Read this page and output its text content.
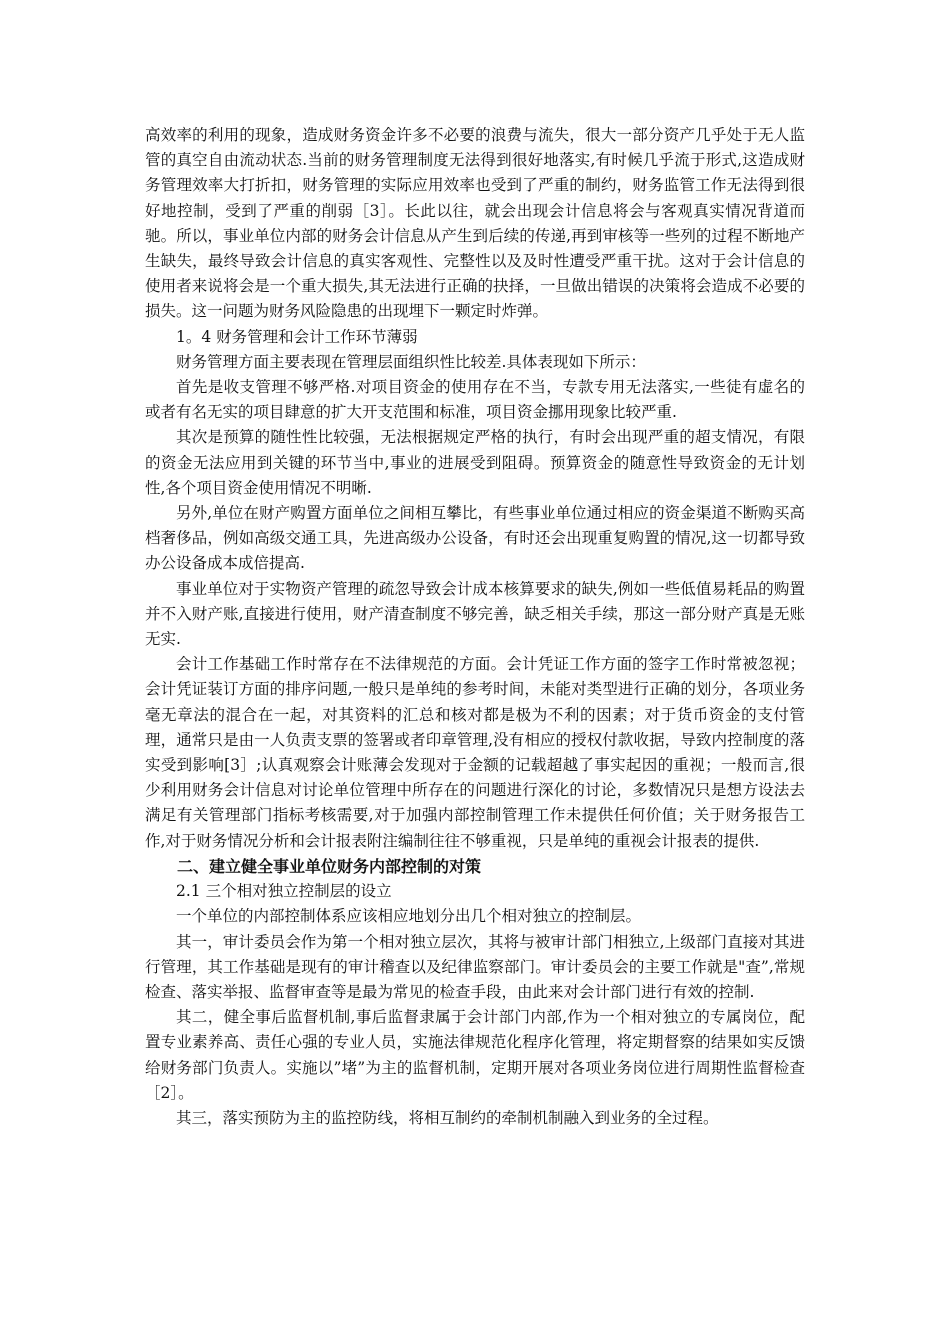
高效率的利用的现象，造成财务资金许多不必要的浪费与流失，很大一部分资产几乎处于无人监管的真空自由流动状态.当前的财务管理制度无法得到很好地落实,有时候几乎流于形式,这造成财务管理效率大打折扣，财务管理的实际应用效率也受到了严重的制约，财务监管工作无法得到很好地控制，受到了严重的削弱［3］。长此以往，就会出现会计信息将会与客观真实情况背道而驰。所以，事业单位内部的财务会计信息从产生到后续的传递,再到审核等一些列的过程不断地产生缺失，最终导致会计信息的真实客观性、完整性以及及时性遭受严重干扰。这对于会计信息的使用者来说将会是一个重大损失,其无法进行正确的抉择，一旦做出错误的决策将会造成不必要的损失。这一问题为财务风险隐患的出现埋下一颗定时炸弹。

1。4 财务管理和会计工作环节薄弱

财务管理方面主要表现在管理层面组织性比较差.具体表现如下所示：

首先是收支管理不够严格.对项目资金的使用存在不当，专款专用无法落实,一些徒有虚名的或者有名无实的项目肆意的扩大开支范围和标准，项目资金挪用现象比较严重.

其次是预算的随性性比较强，无法根据规定严格的执行，有时会出现严重的超支情况，有限的资金无法应用到关键的环节当中,事业的进展受到阻碍。预算资金的随意性导致资金的无计划性,各个项目资金使用情况不明晰.

另外,单位在财产购置方面单位之间相互攀比，有些事业单位通过相应的资金渠道不断购买高档奢侈品，例如高级交通工具，先进高级办公设备，有时还会出现重复购置的情况,这一切都导致办公设备成本成倍提高.

事业单位对于实物资产管理的疏忽导致会计成本核算要求的缺失,例如一些低值易耗品的购置并不入财产账,直接进行使用，财产清查制度不够完善，缺乏相关手续，那这一部分财产真是无账无实.

会计工作基础工作时常存在不法律规范的方面。会计凭证工作方面的签字工作时常被忽视；会计凭证装订方面的排序问题,一般只是单纯的参考时间，未能对类型进行正确的划分，各项业务毫无章法的混合在一起，对其资料的汇总和核对都是极为不利的因素；对于货币资金的支付管理，通常只是由一人负责支票的签署或者印章管理,没有相应的授权付款收据，导致内控制度的落实受到影响[3］;认真观察会计账薄会发现对于金额的记载超越了事实起因的重视；一般而言,很少利用财务会计信息对讨论单位管理中所存在的问题进行深化的讨论，多数情况只是想方设法去满足有关管理部门指标考核需要,对于加强内部控制管理工作未提供任何价值；关于财务报告工作,对于财务情况分析和会计报表附注编制往往不够重视，只是单纯的重视会计报表的提供.

二、建立健全事业单位财务内部控制的对策

2.1 三个相对独立控制层的设立

一个单位的内部控制体系应该相应地划分出几个相对独立的控制层。

其一，审计委员会作为第一个相对独立层次，其将与被审计部门相独立,上级部门直接对其进行管理，其工作基础是现有的审计稽查以及纪律监察部门。审计委员会的主要工作就是"查”,常规检查、落实举报、监督审查等是最为常见的检查手段，由此来对会计部门进行有效的控制.

其二，健全事后监督机制,事后监督隶属于会计部门内部,作为一个相对独立的专属岗位，配置专业素养高、责任心强的专业人员，实施法律规范化程序化管理，将定期督察的结果如实反馈给财务部门负责人。实施以”堵”为主的监督机制，定期开展对各项业务岗位进行周期性监督检查［2］。

其三，落实预防为主的监控防线，将相互制约的牵制机制融入到业务的全过程。
